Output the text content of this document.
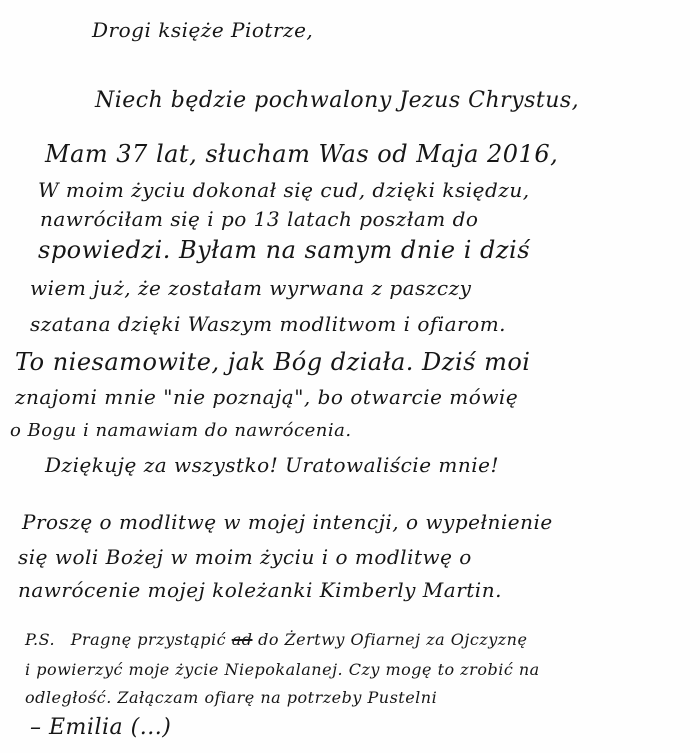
Drogi księże Piotrze,
Niech będzie pochwalony Jezus Chrystus,
Mam 37 lat, słucham Was od Maja 2016,
W moim życiu dokonał się cud, dzięki księdzu,
nawróciłam się i po 13 latach poszłam do
spowiedzi. Byłam na samym dnie i dziś
wiem już, że zostałam wyrwana z paszczy
szatana dzięki Waszym modlitwom i ofiarom.
To niesamowite, jak Bóg działa. Dziś moi
znajomi mnie "nie poznają", bo otwarcie mówię
o Bogu i namawiam do nawrócenia.
Dziękuję za wszystko! Uratowaliście mnie!
Proszę o modlitwę w mojej intencji, o wypełnienie
się woli Bożej w moim życiu i o modlitwę o
nawrócenie mojej koleżanki Kimberly Martin.
P.S. Pragnę przystąpić ad do Żertwy Ofiarnej za Ojczyznę
i powierzyć moje życie Niepokalanej. Czy mogę to zrobić na
odległość. Załączam ofiarę na potrzeby Pustelni
– Emilia (...)
